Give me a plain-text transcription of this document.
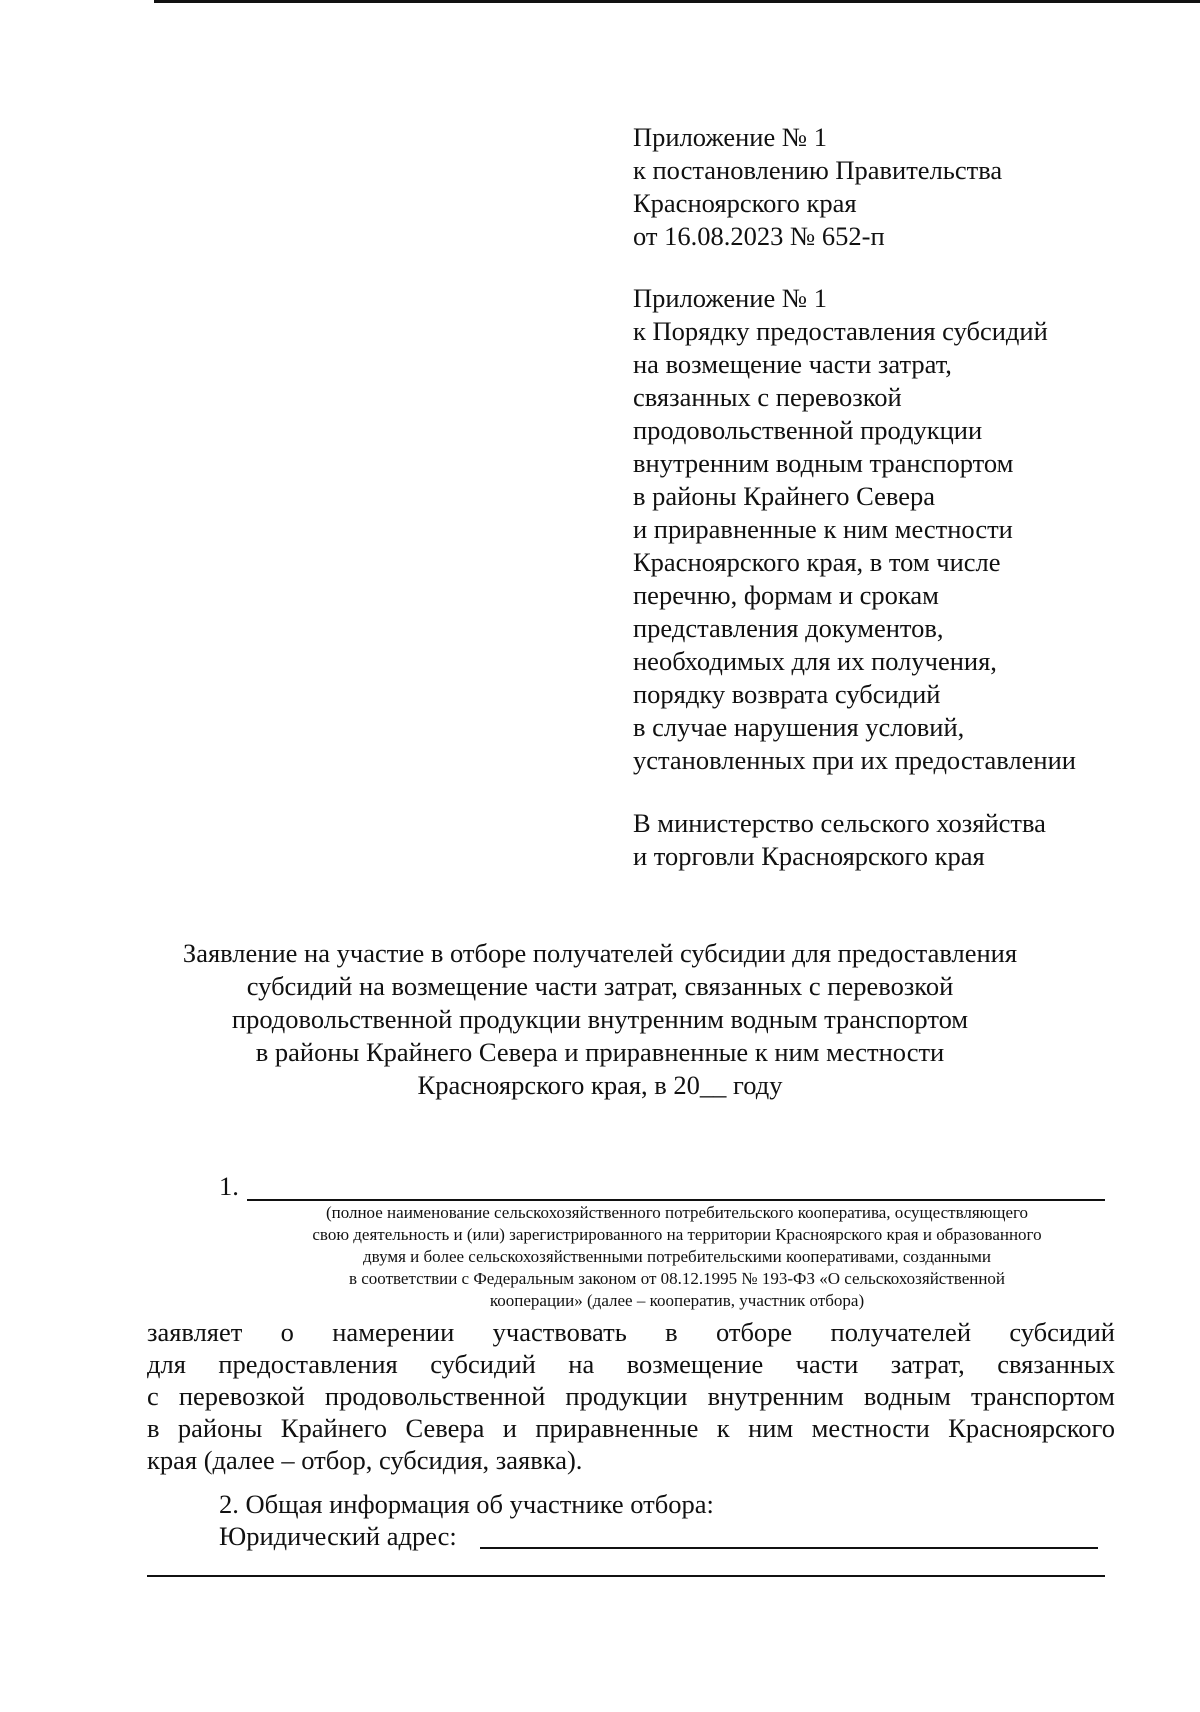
Приложение № 1
к постановлению Правительства
Красноярского края
от 16.08.2023 № 652-п
Приложение № 1
к Порядку предоставления субсидий
на возмещение части затрат,
связанных с перевозкой
продовольственной продукции
внутренним водным транспортом
в районы Крайнего Севера
и приравненные к ним местности
Красноярского края, в том числе
перечню, формам и срокам
представления документов,
необходимых для их получения,
порядку возврата субсидий
в случае нарушения условий,
установленных при их предоставлении
В министерство сельского хозяйства
и торговли Красноярского края
Заявление на участие в отборе получателей субсидии для предоставления
субсидий на возмещение части затрат, связанных с перевозкой
продовольственной продукции внутренним водным транспортом
в районы Крайнего Севера и приравненные к ним местности
Красноярского края, в 20__ году
1.
(полное наименование сельскохозяйственного потребительского кооператива, осуществляющего
свою деятельность и (или) зарегистрированного на территории Красноярского края и образованного
двумя и более сельскохозяйственными потребительскими кооперативами, созданными
в соответствии с Федеральным законом от 08.12.1995 № 193-ФЗ «О сельскохозяйственной
кооперации» (далее – кооператив, участник отбора)
заявляет о намерении участвовать в отборе получателей субсидий
для предоставления субсидий на возмещение части затрат, связанных
с перевозкой продовольственной продукции внутренним водным транспортом
в районы Крайнего Севера и приравненные к ним местности Красноярского
края (далее – отбор, субсидия, заявка).
2. Общая информация об участнике отбора:
Юридический адрес:
